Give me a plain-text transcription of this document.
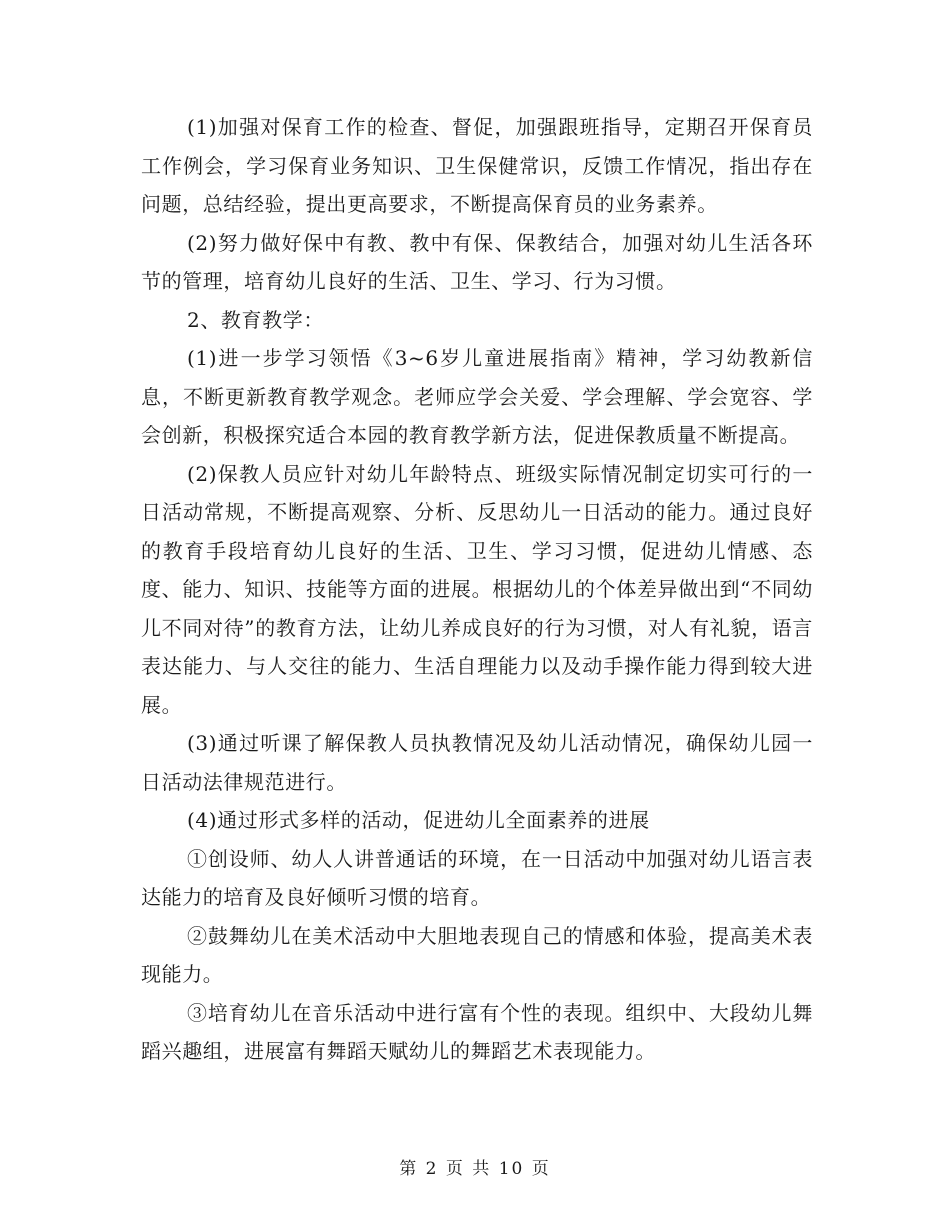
(1)加强对保育工作的检查、督促，加强跟班指导，定期召开保育员工作例会，学习保育业务知识、卫生保健常识，反馈工作情况，指出存在问题，总结经验，提出更高要求，不断提高保育员的业务素养。

(2)努力做好保中有教、教中有保、保教结合，加强对幼儿生活各环节的管理，培育幼儿良好的生活、卫生、学习、行为习惯。

2、教育教学：

(1)进一步学习领悟《3~6岁儿童进展指南》精神，学习幼教新信息，不断更新教育教学观念。老师应学会关爱、学会理解、学会宽容、学会创新，积极探究适合本园的教育教学新方法，促进保教质量不断提高。

(2)保教人员应针对幼儿年龄特点、班级实际情况制定切实可行的一日活动常规，不断提高观察、分析、反思幼儿一日活动的能力。通过良好的教育手段培育幼儿良好的生活、卫生、学习习惯，促进幼儿情感、态度、能力、知识、技能等方面的进展。根据幼儿的个体差异做出到“不同幼儿不同对待”的教育方法，让幼儿养成良好的行为习惯，对人有礼貌，语言表达能力、与人交往的能力、生活自理能力以及动手操作能力得到较大进展。

(3)通过听课了解保教人员执教情况及幼儿活动情况，确保幼儿园一日活动法律规范进行。

(4)通过形式多样的活动，促进幼儿全面素养的进展

①创设师、幼人人讲普通话的环境，在一日活动中加强对幼儿语言表达能力的培育及良好倾听习惯的培育。

②鼓舞幼儿在美术活动中大胆地表现自己的情感和体验，提高美术表现能力。

③培育幼儿在音乐活动中进行富有个性的表现。组织中、大段幼儿舞蹈兴趣组，进展富有舞蹈天赋幼儿的舞蹈艺术表现能力。

第 2 页 共 10 页
